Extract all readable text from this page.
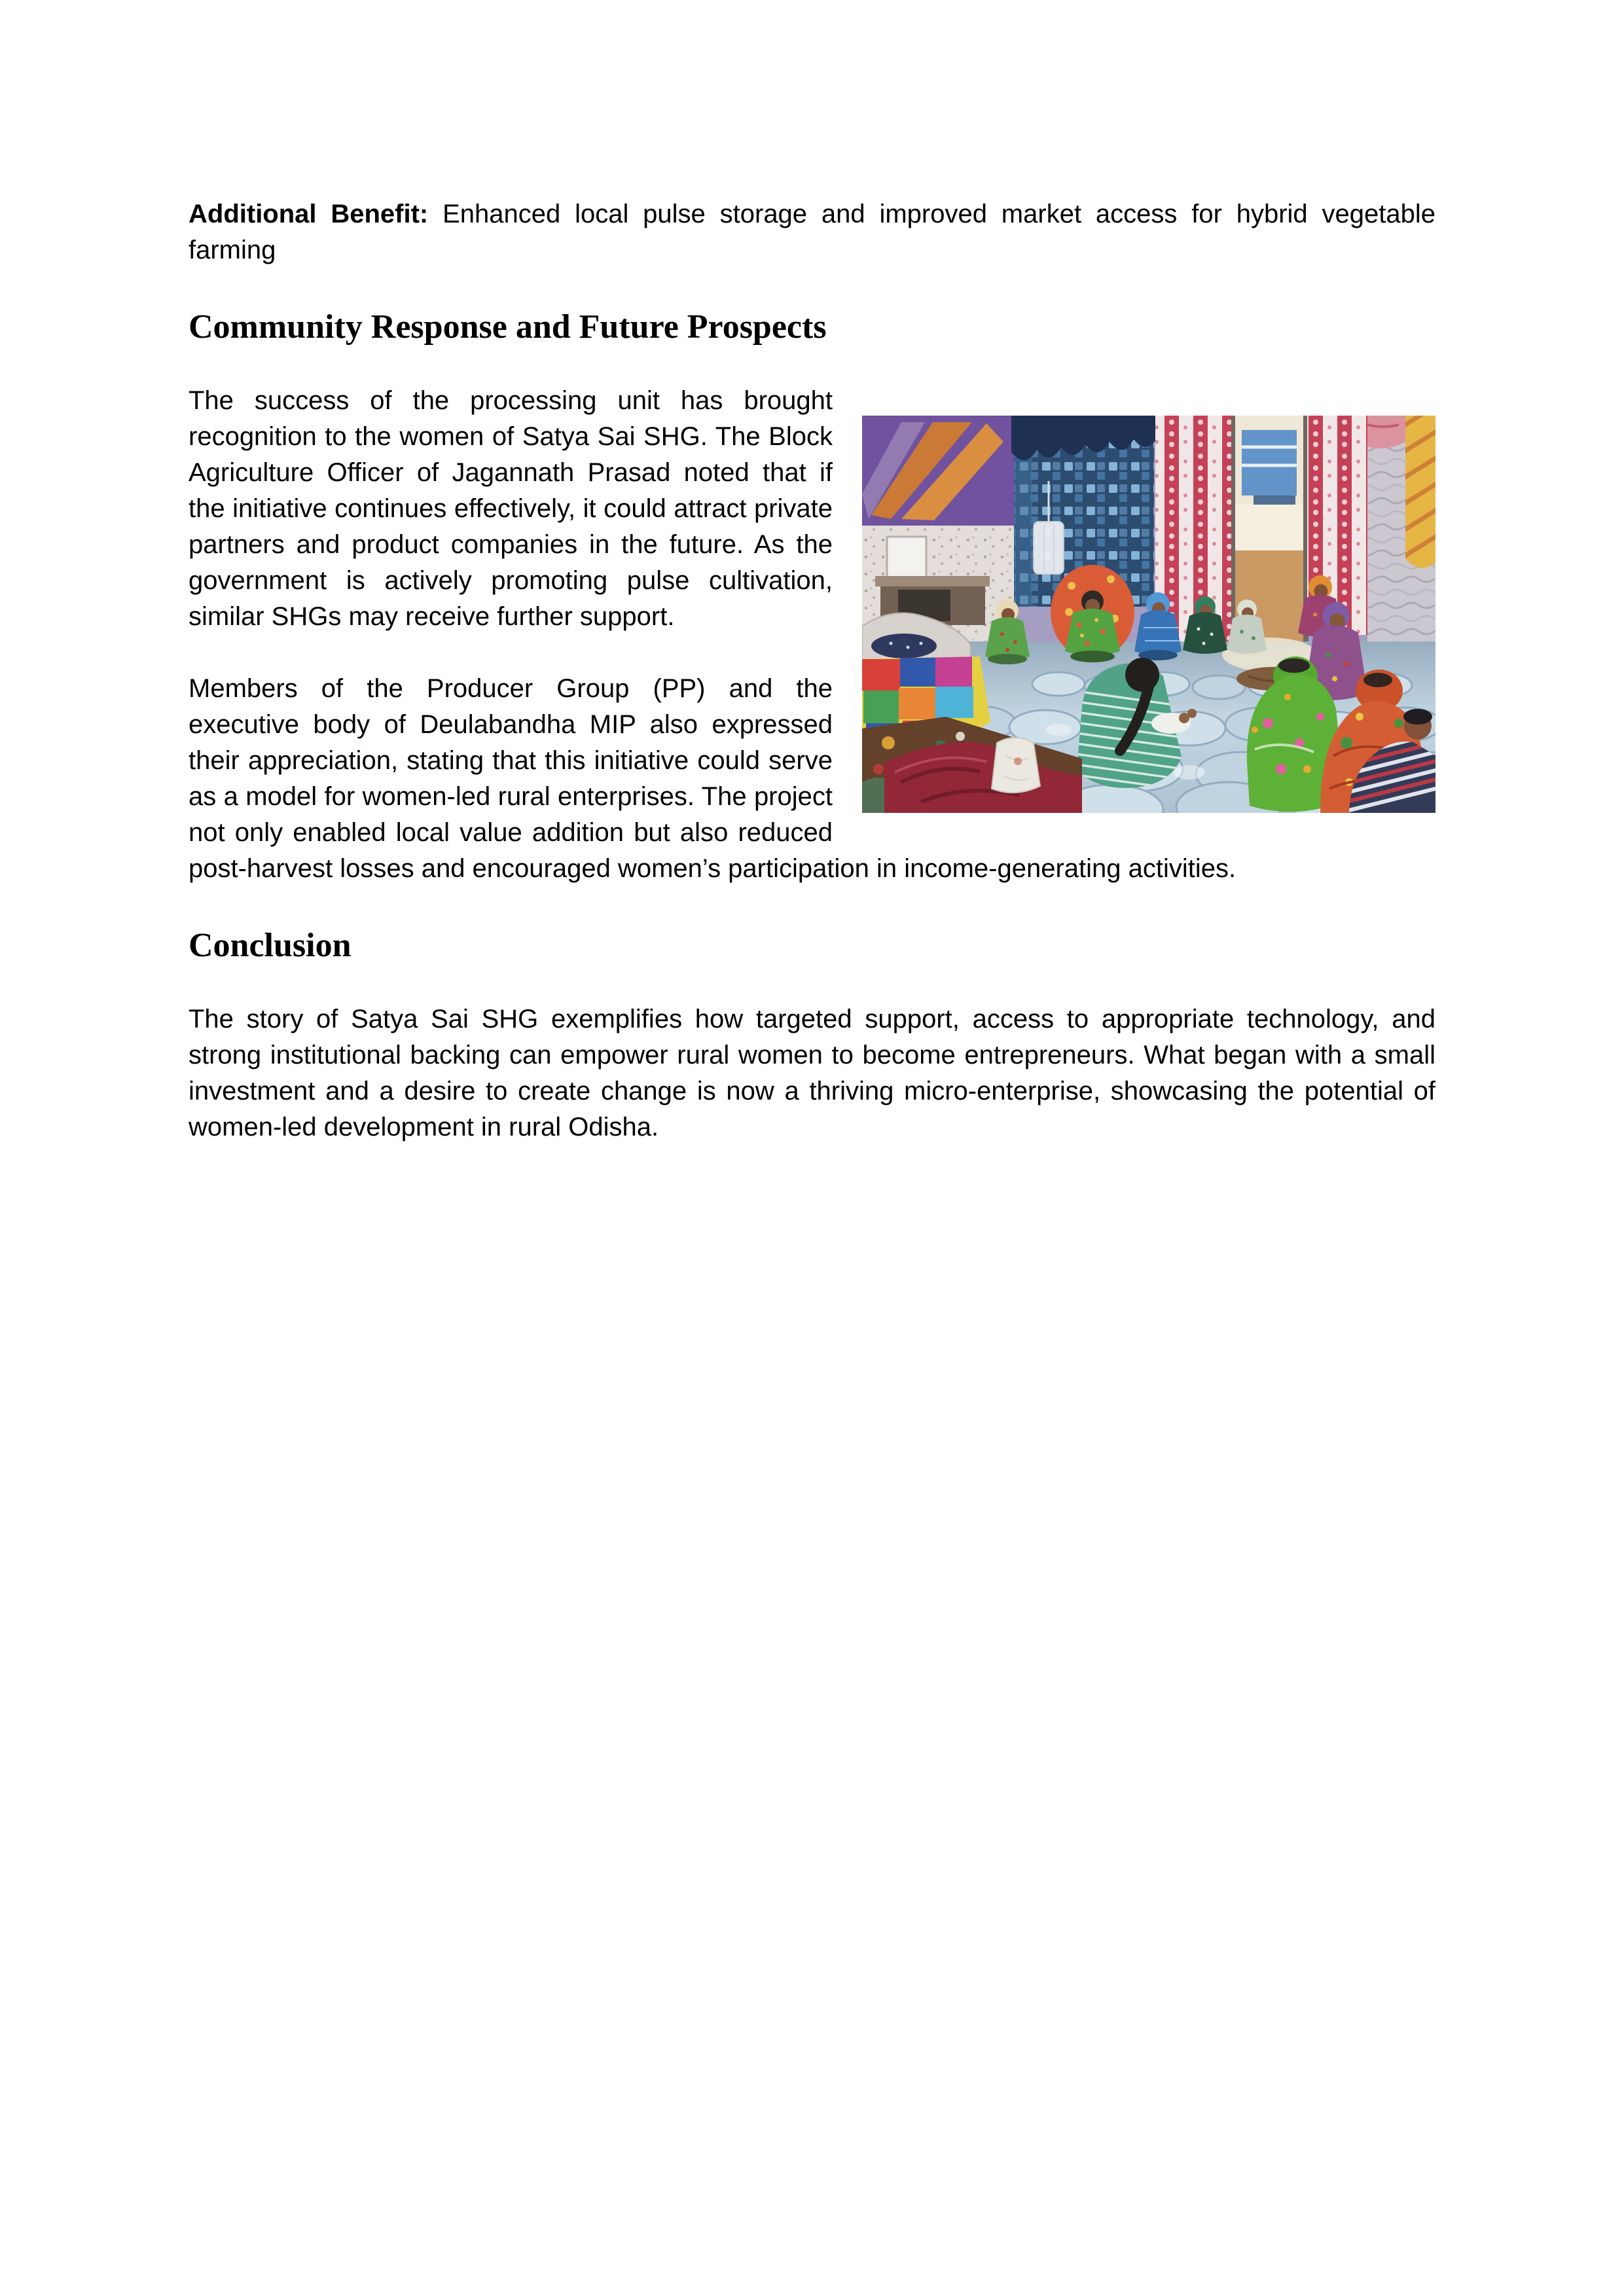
Additional Benefit: Enhanced local pulse storage and improved market access for hybrid vegetable farming

Community Response and Future Prospects

The success of the processing unit has brought recognition to the women of Satya Sai SHG. The Block Agriculture Officer of Jagannath Prasad noted that if the initiative continues effectively, it could attract private partners and product companies in the future. As the government is actively promoting pulse cultivation, similar SHGs may receive further support.

Members of the Producer Group (PP) and the executive body of Deulabandha MIP also expressed their appreciation, stating that this initiative could serve as a model for women-led rural enterprises. The project not only enabled local value addition but also reduced post-harvest losses and encouraged women’s participation in income-generating activities.

Conclusion

The story of Satya Sai SHG exemplifies how targeted support, access to appropriate technology, and strong institutional backing can empower rural women to become entrepreneurs. What began with a small investment and a desire to create change is now a thriving micro-enterprise, showcasing the potential of women-led development in rural Odisha.
